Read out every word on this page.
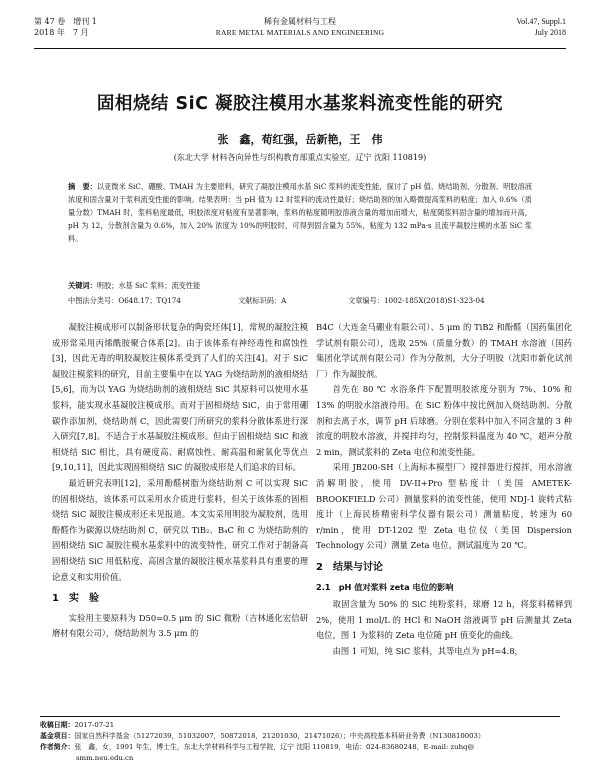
第 47 卷　增刊 1
2018 年　7 月
稀有金属材料与工程
RARE METAL MATERIALS AND ENGINEERING
Vol.47, Suppl.1
July 2018
固相烧结 SiC 凝胶注模用水基浆料流变性能的研究
张　鑫，荀红强，岳新艳，王　伟
(东北大学 材料各向异性与织构教育部重点实验室，辽宁 沈阳 110819)
摘　要：以亚微米 SiC、硼酸、TMAH 为主要原料，研究了凝胶注模用水基 SiC 浆料的流变性能，探讨了 pH 值、烧结助剂、分散剂、明胶溶液浓度和固含量对于浆料流变性能的影响。结果表明：当 pH 值为 12 时浆料的流动性最好；烧结助剂的加入略微提高浆料的粘度；加入 0.6%（质量分数）TMAH 时，浆料粘度最低，明胶浓度对粘度有显著影响，浆料的粘度随明胶溶液含量的增加而增大，粘度随浆料固含量的增加而升高，pH 为 12，分散剂含量为 0.6%，加入 20% 浓度为 10%的明胶时，可得到固含量为 55%，粘度为 132 mPa·s 且流平凝胶注模的水基 SiC 浆料。
关键词：明胶；水基 SiC 浆料；流变性能
中图法分类号：O648.17；TQ174	文献标识码：A	文章编号：1002-185X(2018)S1-323-04

凝胶注模成形可以制备形状复杂的陶瓷坯体[1]，常规的凝胶注模成形常采用丙烯酰胺聚合体系[2]。由于该体系有神经毒性和腐蚀性[3]，因此无毒的明胶凝胶注模体系受到了人们的关注[4]。对于 SiC 凝胶注模浆料的研究，目前主要集中在以 YAG 为烧结助剂的液相烧结[5,6]，而为以 YAG 为烧结助剂的液相烧结 SiC 其原料可以使用水基浆料，能实现水基凝胶注模成形。而对于固相烧结 SiC，由于常用硼碳作添加剂，烧结助剂 C，因此需要门所研究的浆料分散体系进行深入研究[7,8]。不适合于水基凝胶注模成形。但由于固相烧结 SiC 和液相烧结 SiC 相比，具有硬度高、耐腐蚀性、耐高温和耐氧化等优点[9,10,11]，因此实现固相烧结 SiC 的凝胶成形是人们追求的目标。

最近研究表明[12]，采用酚醛树脂为烧结助剂 C 可以实现 SiC 的固相烧结，该体系可以采用水介质进行浆料，但关于该体系的固相烧结 SiC 凝胶注模成形还未见报道。本文实采用明胶为凝胶剂，选用酚醛作为碳源以烧结助剂 C，研究以 TiB₂、B₄C 和 C 为烧结助剂的固相烧结 SiC 凝胶注模水基浆料中的流变特性，研究工作对于制备高固相烧结 SiC 用低粘度、高固含量的凝胶注模水基浆料具有重要的理论意义和实用价值。

1　实　验

实验用主要原料为 D50=0.5 μm 的 SiC 微粉（吉林通化宏信研磨材有限公司），烧结助剂为 3.5 μm 的

B4C（大连金马硼业有限公司）、5 μm 的 TiB2 和酚醛（国药集团化学试剂有限公司），选取 25%（质量分数）的 TMAH 水溶液（国药集团化学试剂有限公司）作为分散剂，大分子明胶（沈阳市新化试剂厂）作为凝胶剂。

首先在 80 ℃ 水浴条件下配置明胶浓度分别为 7%、10% 和 13% 的明胶水溶液待用。在 SiC 粉体中按比例加入烧结助剂、分散剂和去离子水，调节 pH 后球磨。分别在浆料中加入不同含量的 3 种浓度的明胶水溶液，并搅拌均匀，控制浆料温度为 40 ℃，超声分散 2 min，测试浆料的 Zeta 电位和流变性能。

采用 JB200-SH（上海标本模型厂）搅拌器进行搅拌，用水溶液消解明胶，使用 DV-II+Pro 型粘度计（美国 AMETEK-BROOKFIELD 公司）测量浆料的流变性能，使用 NDJ-1 旋转式粘度计（上海民桥精密科学仪器有限公司）测量粘度，转速为 60 r/min，使用 DT-1202 型 Zeta 电位仪（美国 Dispersion Technology 公司）测量 Zeta 电位，测试温度为 20 ℃。

2　结果与讨论
2.1　pH 值对浆料 zeta 电位的影响

取固含量为 50% 的 SiC 纯粉浆料，球磨 12 h，将浆料稀释到 2%，使用 1 mol/L 的 HCl 和 NaOH 溶液调节 pH 后测量其 Zeta 电位，图 1 为浆料的 Zeta 电位随 pH 值变化的曲线。

由图 1 可知，纯 SiC 浆料，其等电点为 pH=4.8，

收稿日期：2017-07-21
基金项目：国家自然科学基金（51272039，51032007，50872018，21201030，21471026）；中央高校基本科研业务费（N130810003）
作者简介：张　鑫，女，1991 年生，博士生，东北大学材料科学与工程学院，辽宁 沈阳 110819，电话：024-83680248，E-mail: zuhq@
smm.neu.edu.cn
